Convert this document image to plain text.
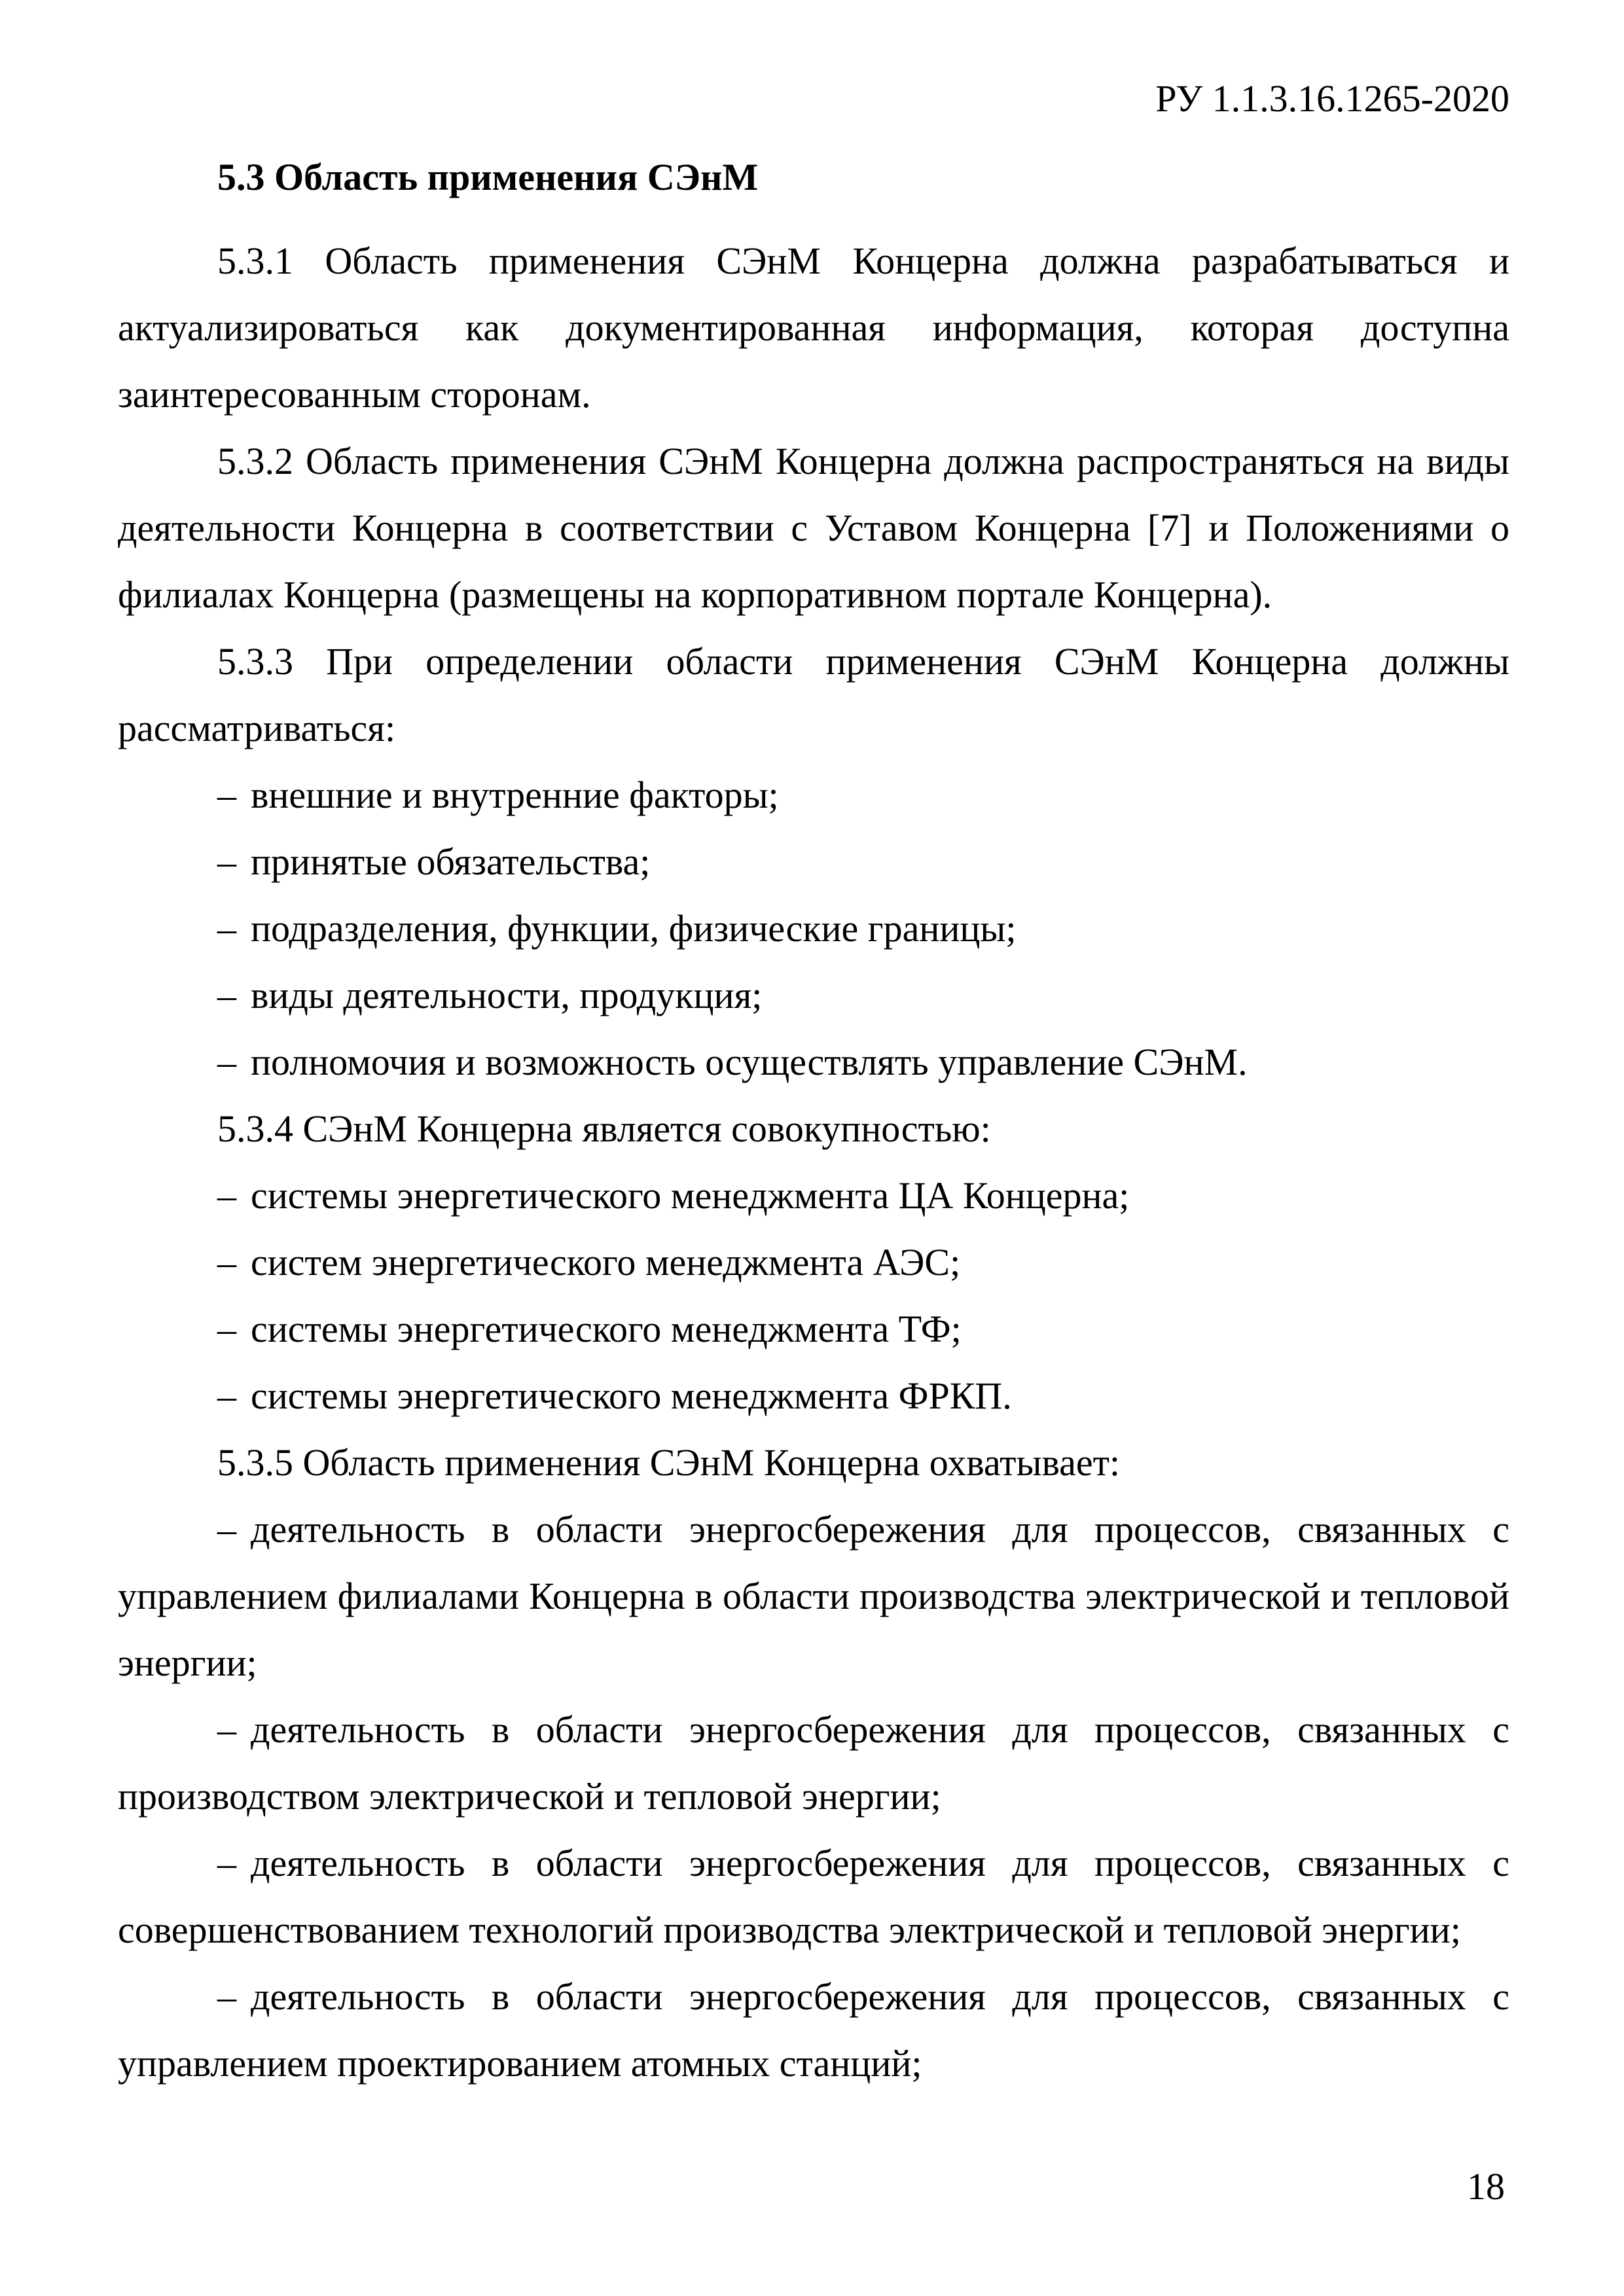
РУ 1.1.3.16.1265-2020
5.3 Область применения СЭнМ

5.3.1 Область применения СЭнМ Концерна должна разрабатываться и актуализироваться как документированная информация, которая доступна заинтересованным сторонам.

5.3.2 Область применения СЭнМ Концерна должна распространяться на виды деятельности Концерна в соответствии с Уставом Концерна [7] и Положениями о филиалах Концерна (размещены на корпоративном портале Концерна).

5.3.3 При определении области применения СЭнМ Концерна должны рассматриваться:

– внешние и внутренние факторы;

– принятые обязательства;

– подразделения, функции, физические границы;

– виды деятельности, продукция;

– полномочия и возможность осуществлять управление СЭнМ.

5.3.4 СЭнМ Концерна является совокупностью:

– системы энергетического менеджмента ЦА Концерна;

– систем энергетического менеджмента АЭС;

– системы энергетического менеджмента ТФ;

– системы энергетического менеджмента ФРКП.

5.3.5 Область применения СЭнМ Концерна охватывает:

– деятельность в области энергосбережения для процессов, связанных с управлением филиалами Концерна в области производства электрической и тепловой энергии;

– деятельность в области энергосбережения для процессов, связанных с производством электрической и тепловой энергии;

– деятельность в области энергосбережения для процессов, связанных с совершенствованием технологий производства электрической и тепловой энергии;

– деятельность в области энергосбережения для процессов, связанных с управлением проектированием атомных станций;

18
